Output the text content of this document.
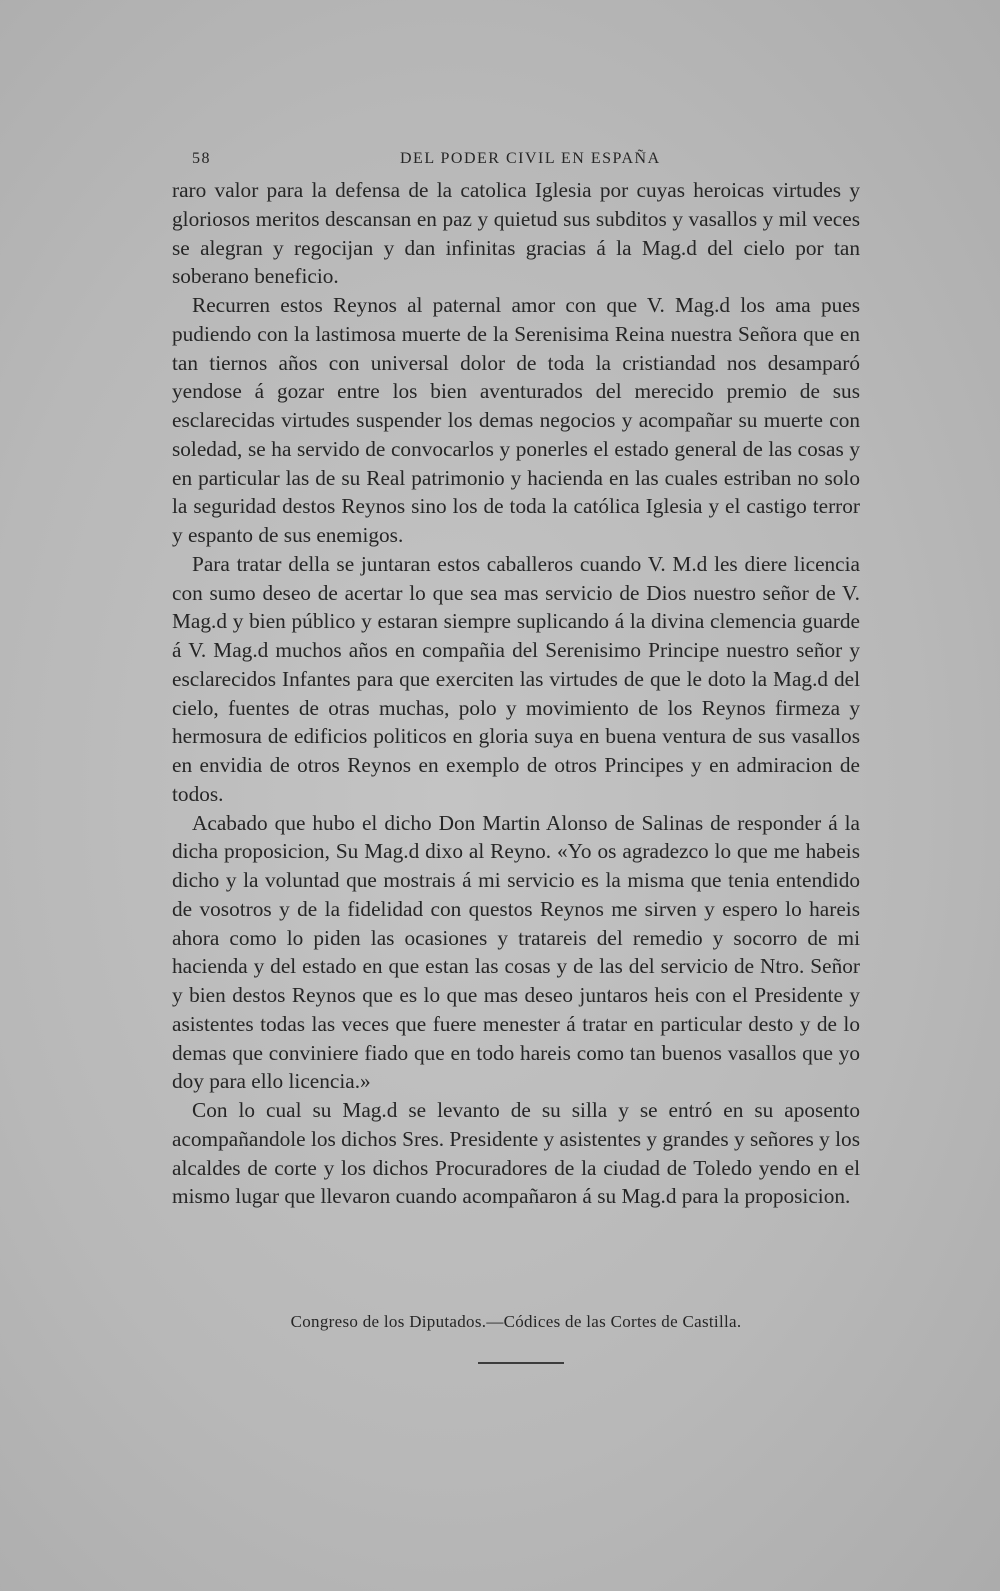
58	DEL PODER CIVIL EN ESPAÑA

raro valor para la defensa de la catolica Iglesia por cuyas heroicas virtudes y gloriosos meritos descansan en paz y quietud sus subditos y vasallos y mil veces se alegran y regocijan y dan infinitas gracias á la Mag.d del cielo por tan soberano beneficio.

Recurren estos Reynos al paternal amor con que V. Mag.d los ama pues pudiendo con la lastimosa muerte de la Serenisima Reina nuestra Señora que en tan tiernos años con universal dolor de toda la cristiandad nos desamparó yendose á gozar entre los bien aventurados del merecido premio de sus esclarecidas virtudes suspender los demas negocios y acompañar su muerte con soledad, se ha servido de convocarlos y ponerles el estado general de las cosas y en particular las de su Real patrimonio y hacienda en las cuales estriban no solo la seguridad destos Reynos sino los de toda la católica Iglesia y el castigo terror y espanto de sus enemigos.

Para tratar della se juntaran estos caballeros cuando V. M.d les diere licencia con sumo deseo de acertar lo que sea mas servicio de Dios nuestro señor de V. Mag.d y bien público y estaran siempre suplicando á la divina clemencia guarde á V. Mag.d muchos años en compañia del Serenisimo Principe nuestro señor y esclarecidos Infantes para que exerciten las virtudes de que le doto la Mag.d del cielo, fuentes de otras muchas, polo y movimiento de los Reynos firmeza y hermosura de edificios politicos en gloria suya en buena ventura de sus vasallos en envidia de otros Reynos en exemplo de otros Principes y en admiracion de todos.

Acabado que hubo el dicho Don Martin Alonso de Salinas de responder á la dicha proposicion, Su Mag.d dixo al Reyno. «Yo os agradezco lo que me habeis dicho y la voluntad que mostrais á mi servicio es la misma que tenia entendido de vosotros y de la fidelidad con questos Reynos me sirven y espero lo hareis ahora como lo piden las ocasiones y tratareis del remedio y socorro de mi hacienda y del estado en que estan las cosas y de las del servicio de Ntro. Señor y bien destos Reynos que es lo que mas deseo juntaros heis con el Presidente y asistentes todas las veces que fuere menester á tratar en particular desto y de lo demas que conviniere fiado que en todo hareis como tan buenos vasallos que yo doy para ello licencia.»

Con lo cual su Mag.d se levanto de su silla y se entró en su aposento acompañandole los dichos Sres. Presidente y asistentes y grandes y señores y los alcaldes de corte y los dichos Procuradores de la ciudad de Toledo yendo en el mismo lugar que llevaron cuando acompañaron á su Mag.d para la proposicion.

Congreso de los Diputados.—Códices de las Cortes de Castilla.
